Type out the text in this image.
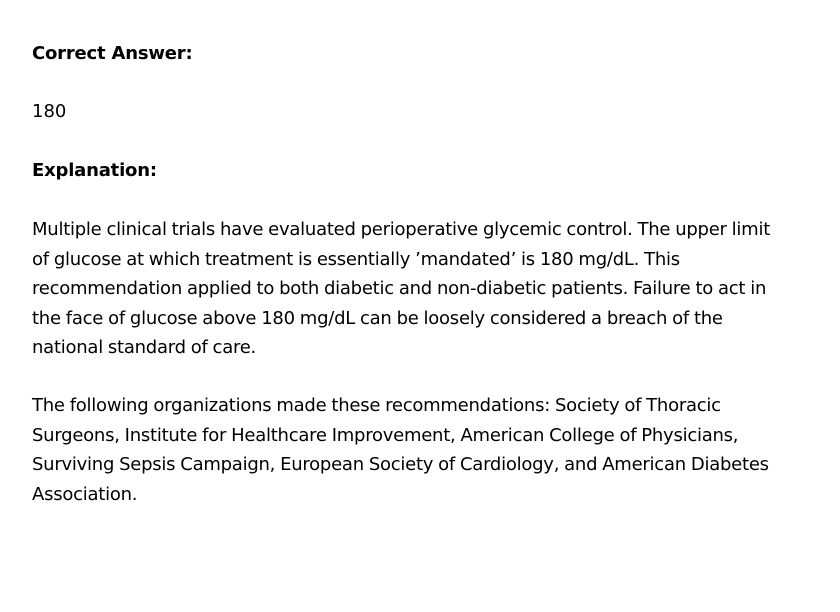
Correct Answer:
180
Explanation:

Multiple clinical trials have evaluated perioperative glycemic control. The upper limit of glucose at which treatment is essentially ’mandated’ is 180 mg/dL. This recommendation applied to both diabetic and non-diabetic patients. Failure to act in the face of glucose above 180 mg/dL can be loosely considered a breach of the national standard of care.

The following organizations made these recommendations: Society of Thoracic Surgeons, Institute for Healthcare Improvement, American College of Physicians, Surviving Sepsis Campaign, European Society of Cardiology, and American Diabetes Association.
